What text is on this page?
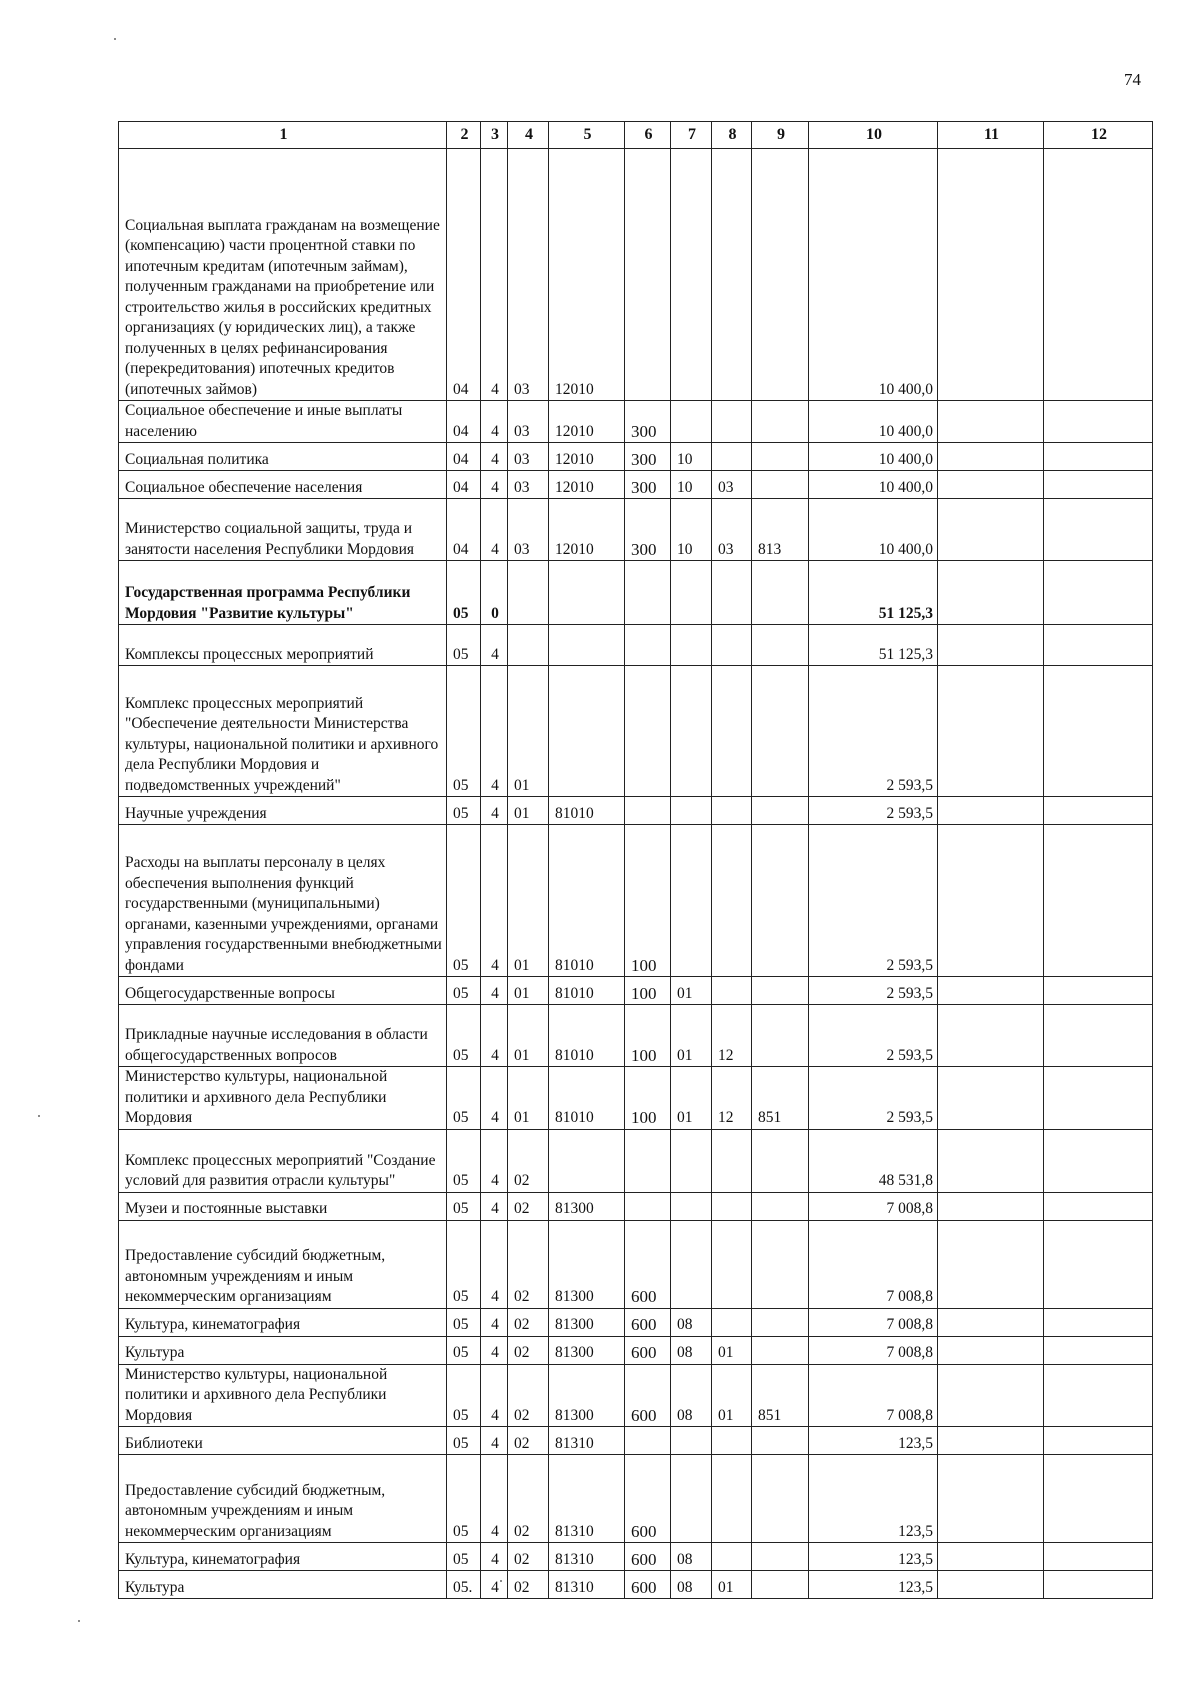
74
1	2	3	4	5	6	7	8	9	10	11	12
Социальная выплата гражданам на возмещение (компенсацию) части процентной ставки по ипотечным кредитам (ипотечным займам), полученным гражданами на приобретение или строительство жилья в российских кредитных организациях (у юридических лиц), а также полученных в целях рефинансирования (перекредитования) ипотечных кредитов (ипотечных займов)	04	4	03	12010					10 400,0		
Социальное обеспечение и иные выплаты населению	04	4	03	12010	300				10 400,0		
Социальная политика	04	4	03	12010	300	10			10 400,0		
Социальное обеспечение населения	04	4	03	12010	300	10	03		10 400,0		
Министерство социальной защиты, труда и занятости населения Республики Мордовия	04	4	03	12010	300	10	03	813	10 400,0		
Государственная программа Республики Мордовия "Развитие культуры"	05	0							51 125,3		
Комплексы процессных мероприятий	05	4							51 125,3		
Комплекс процессных мероприятий "Обеспечение деятельности Министерства культуры, национальной политики и архивного дела Республики Мордовия и подведомственных учреждений"	05	4	01						2 593,5		
Научные учреждения	05	4	01	81010					2 593,5		
Расходы на выплаты персоналу в целях обеспечения выполнения функций государственными (муниципальными) органами, казенными учреждениями, органами управления государственными внебюджетными фондами	05	4	01	81010	100				2 593,5		
Общегосударственные вопросы	05	4	01	81010	100	01			2 593,5		
Прикладные научные исследования в области общегосударственных вопросов	05	4	01	81010	100	01	12		2 593,5		
Министерство культуры, национальной политики и архивного дела Республики Мордовия	05	4	01	81010	100	01	12	851	2 593,5		
Комплекс процессных мероприятий "Создание условий для развития отрасли культуры"	05	4	02						48 531,8		
Музеи и постоянные выставки	05	4	02	81300					7 008,8		
Предоставление субсидий бюджетным, автономным учреждениям и иным некоммерческим организациям	05	4	02	81300	600				7 008,8		
Культура, кинематография	05	4	02	81300	600	08			7 008,8		
Культура	05	4	02	81300	600	08	01		7 008,8		
Министерство культуры, национальной политики и архивного дела Республики Мордовия	05	4	02	81300	600	08	01	851	7 008,8		
Библиотеки	05	4	02	81310					123,5		
Предоставление субсидий бюджетным, автономным учреждениям и иным некоммерческим организациям	05	4	02	81310	600				123,5		
Культура, кинематография	05	4	02	81310	600	08			123,5		
Культура	05.	4	02	81310	600	08	01		123,5		
